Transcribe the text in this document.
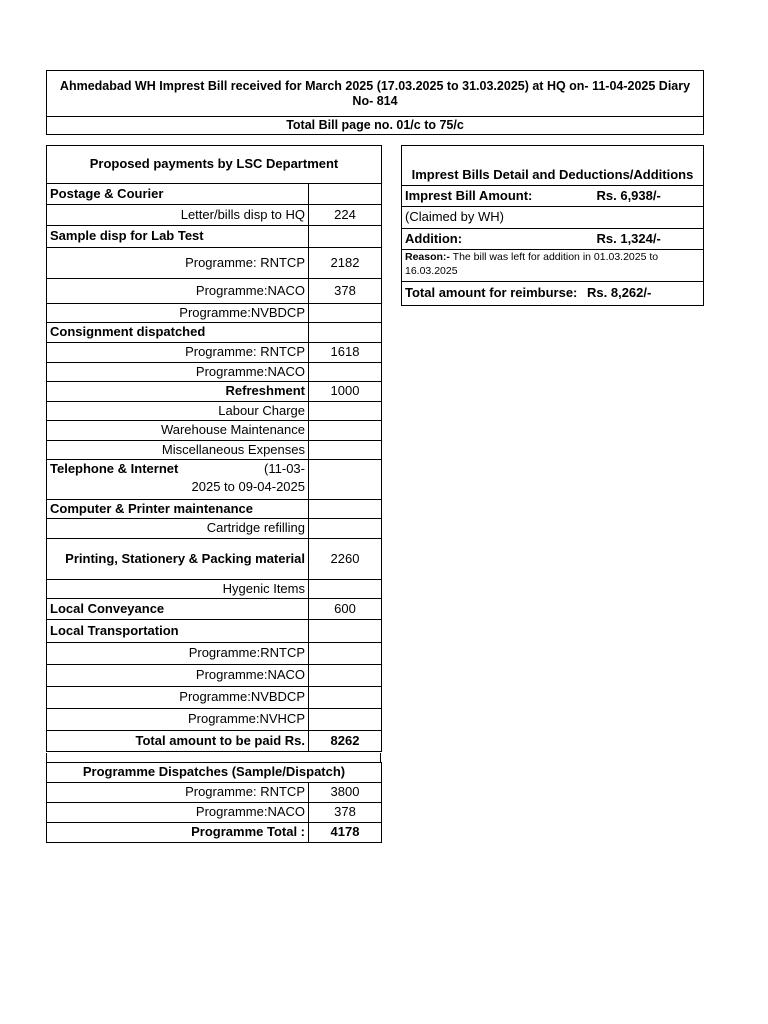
Ahmedabad WH Imprest Bill received for March 2025 (17.03.2025 to 31.03.2025) at HQ on- 11-04-2025 Diary No- 814
Total Bill page no. 01/c to 75/c
Proposed payments by LSC Department	
Postage & Courier	
Letter/bills disp to HQ	224
Sample disp for Lab Test	
Programme: RNTCP	2182
Programme:NACO	378
Programme:NVBDCP	
Consignment dispatched	
Programme: RNTCP	1618
Programme:NACO	
Refreshment	1000
Labour Charge	
Warehouse Maintenance	
Miscellaneous Expenses	

Telephone & Internet (11-03-
2025 to 09-04-2025	

Computer & Printer maintenance	
Cartridge refilling	
Printing, Stationery & Packing material	2260
Hygenic Items	
Local Conveyance	600
Local Transportation	
Programme:RNTCP	
Programme:NACO	
Programme:NVBDCP	
Programme:NVHCP	
Total amount to be paid Rs.	8262
Programme Dispatches (Sample/Dispatch)	
Programme: RNTCP	3800
Programme:NACO	378
Programme Total :	4178
Imprest Bills Detail and Deductions/Additions
Imprest Bill Amount:	Rs. 6,938/-

(Claimed by WH)
Addition:	Rs. 1,324/-

Reason:- The bill was left for addition in 01.03.2025 to 16.03.2025
Total amount for reimburse: Rs. 8,262/-
